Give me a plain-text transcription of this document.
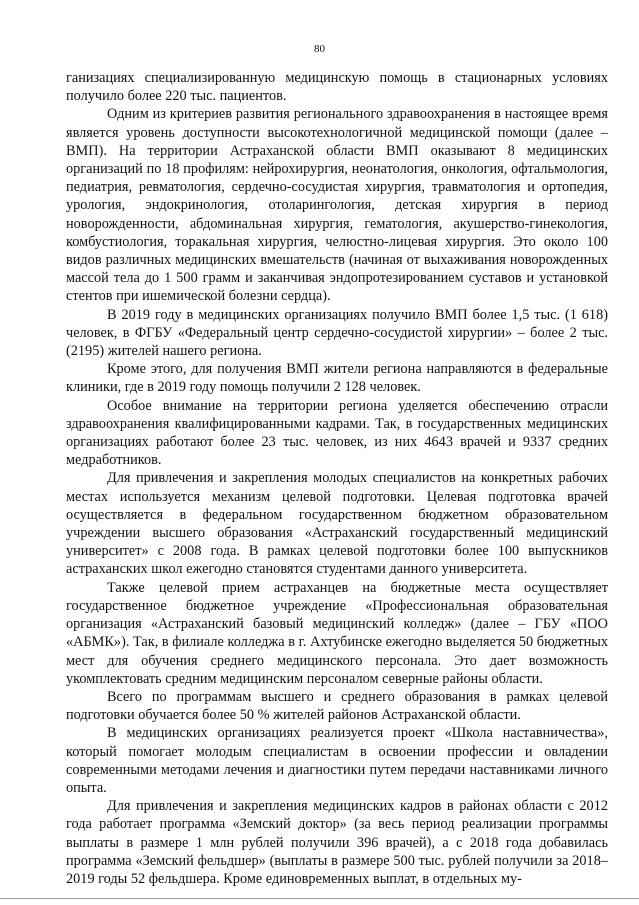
80

ганизациях специализированную медицинскую помощь в стационарных условиях получило более 220 тыс. пациентов.

Одним из критериев развития регионального здравоохранения в настоящее время является уровень доступности высокотехнологичной медицинской помощи (далее – ВМП). На территории Астраханской области ВМП оказывают 8 медицинских организаций по 18 профилям: нейрохирургия, неонатология, онкология, офтальмология, педиатрия, ревматология, сердечно-сосудистая хирургия, травматология и ортопедия, урология, эндокринология, отоларингология, детская хирургия в период новорожденности, абдоминальная хирургия, гематология, акушерство-гинекология, комбустиология, торакальная хирургия, челюстно-лицевая хирургия. Это около 100 видов различных медицинских вмешательств (начиная от выхаживания новорожденных массой тела до 1 500 грамм и заканчивая эндопротезированием суставов и установкой стентов при ишемической болезни сердца).

В 2019 году в медицинских организациях получило ВМП более 1,5 тыс. (1 618) человек, в ФГБУ «Федеральный центр сердечно-сосудистой хирургии» – более 2 тыс. (2195) жителей нашего региона.

Кроме этого, для получения ВМП жители региона направляются в федеральные клиники, где в 2019 году помощь получили 2 128 человек.

Особое внимание на территории региона уделяется обеспечению отрасли здравоохранения квалифицированными кадрами. Так, в государственных медицинских организациях работают более 23 тыс. человек, из них 4643 врачей и 9337 средних медработников.

Для привлечения и закрепления молодых специалистов на конкретных рабочих местах используется механизм целевой подготовки. Целевая подготовка врачей осуществляется в федеральном государственном бюджетном образовательном учреждении высшего образования «Астраханский государственный медицинский университет» с 2008 года. В рамках целевой подготовки более 100 выпускников астраханских школ ежегодно становятся студентами данного университета.

Также целевой прием астраханцев на бюджетные места осуществляет государственное бюджетное учреждение «Профессиональная образовательная организация «Астраханский базовый медицинский колледж» (далее – ГБУ «ПОО «АБМК»). Так, в филиале колледжа в г. Ахтубинске ежегодно выделяется 50 бюджетных мест для обучения среднего медицинского персонала. Это дает возможность укомплектовать средним медицинским персоналом северные районы области.

Всего по программам высшего и среднего образования в рамках целевой подготовки обучается более 50 % жителей районов Астраханской области.

В медицинских организациях реализуется проект «Школа наставничества», который помогает молодым специалистам в освоении профессии и овладении современными методами лечения и диагностики путем передачи наставниками личного опыта.

Для привлечения и закрепления медицинских кадров в районах области с 2012 года работает программа «Земский доктор» (за весь период реализации программы выплаты в размере 1 млн рублей получили 396 врачей), а с 2018 года добавилась программа «Земский фельдшер» (выплаты в размере 500 тыс. рублей получили за 2018–2019 годы 52 фельдшера. Кроме единовременных выплат, в отдельных му-
